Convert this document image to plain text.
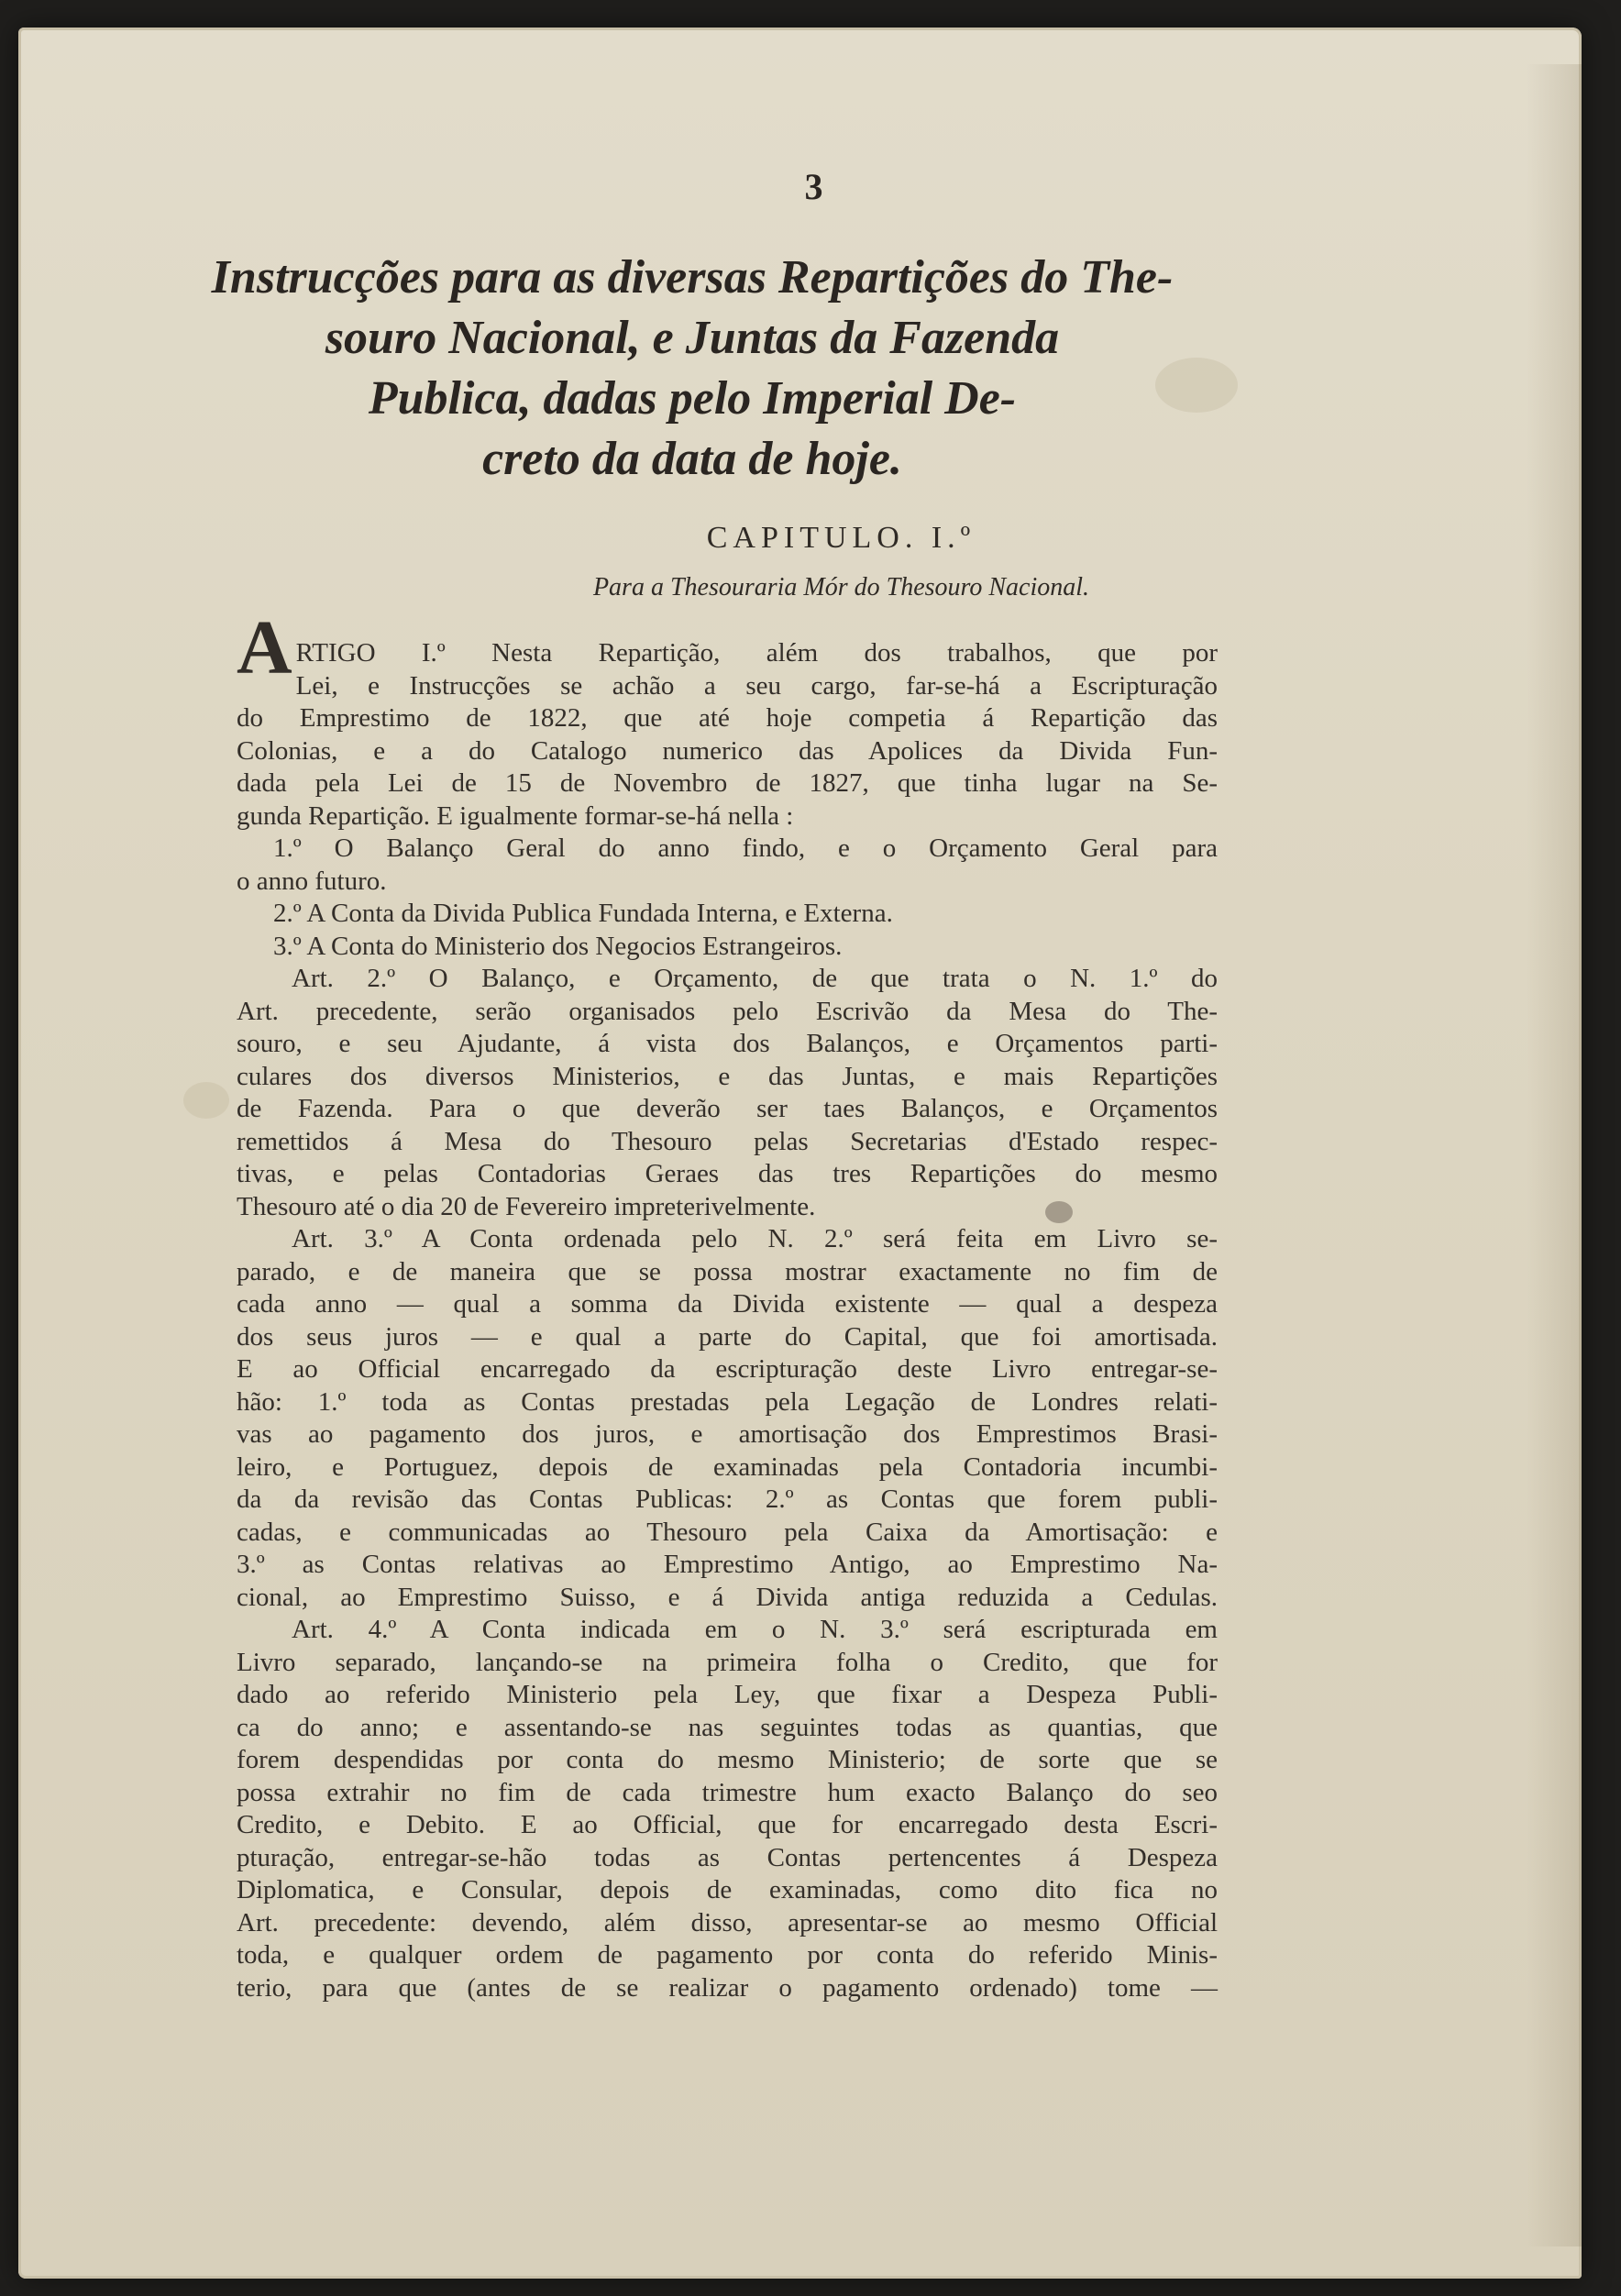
3
Instrucções para as diversas Repartições do The-
souro Nacional, e Juntas da Fazenda
Publica, dadas pelo Imperial De-
creto da data de hoje.
CAPITULO. I.º
Para a Thesouraria Mór do Thesouro Nacional.
A RTIGO I.º Nesta Repartição, além dos trabalhos, que por
Lei, e Instrucções se achão a seu cargo, far-se-há a Escripturação
do Emprestimo de 1822, que até hoje competia á Repartição das
Colonias, e a do Catalogo numerico das Apolices da Divida Fun-
dada pela Lei de 15 de Novembro de 1827, que tinha lugar na Se-
gunda Repartição. E igualmente formar-se-há nella :
1.º O Balanço Geral do anno findo, e o Orçamento Geral para
o anno futuro.
2.º A Conta da Divida Publica Fundada Interna, e Externa.
3.º A Conta do Ministerio dos Negocios Estrangeiros.
Art. 2.º O Balanço, e Orçamento, de que trata o N. 1.º do
Art. precedente, serão organisados pelo Escrivão da Mesa do The-
souro, e seu Ajudante, á vista dos Balanços, e Orçamentos parti-
culares dos diversos Ministerios, e das Juntas, e mais Repartições
de Fazenda. Para o que deverão ser taes Balanços, e Orçamentos
remettidos á Mesa do Thesouro pelas Secretarias d'Estado respec-
tivas, e pelas Contadorias Geraes das tres Repartições do mesmo
Thesouro até o dia 20 de Fevereiro impreterivelmente.
Art. 3.º A Conta ordenada pelo N. 2.º será feita em Livro se-
parado, e de maneira que se possa mostrar exactamente no fim de
cada anno — qual a somma da Divida existente — qual a despeza
dos seus juros — e qual a parte do Capital, que foi amortisada.
E ao Official encarregado da escripturação deste Livro entregar-se-
hão: 1.º toda as Contas prestadas pela Legação de Londres relati-
vas ao pagamento dos juros, e amortisação dos Emprestimos Brasi-
leiro, e Portuguez, depois de examinadas pela Contadoria incumbi-
da da revisão das Contas Publicas: 2.º as Contas que forem publi-
cadas, e communicadas ao Thesouro pela Caixa da Amortisação: e
3.º as Contas relativas ao Emprestimo Antigo, ao Emprestimo Na-
cional, ao Emprestimo Suisso, e á Divida antiga reduzida a Cedulas.
Art. 4.º A Conta indicada em o N. 3.º será escripturada em
Livro separado, lançando-se na primeira folha o Credito, que for
dado ao referido Ministerio pela Ley, que fixar a Despeza Publi-
ca do anno; e assentando-se nas seguintes todas as quantias, que
forem despendidas por conta do mesmo Ministerio; de sorte que se
possa extrahir no fim de cada trimestre hum exacto Balanço do seo
Credito, e Debito. E ao Official, que for encarregado desta Escri-
pturação, entregar-se-hão todas as Contas pertencentes á Despeza
Diplomatica, e Consular, depois de examinadas, como dito fica no
Art. precedente: devendo, além disso, apresentar-se ao mesmo Official
toda, e qualquer ordem de pagamento por conta do referido Minis-
terio, para que (antes de se realizar o pagamento ordenado) tome —
